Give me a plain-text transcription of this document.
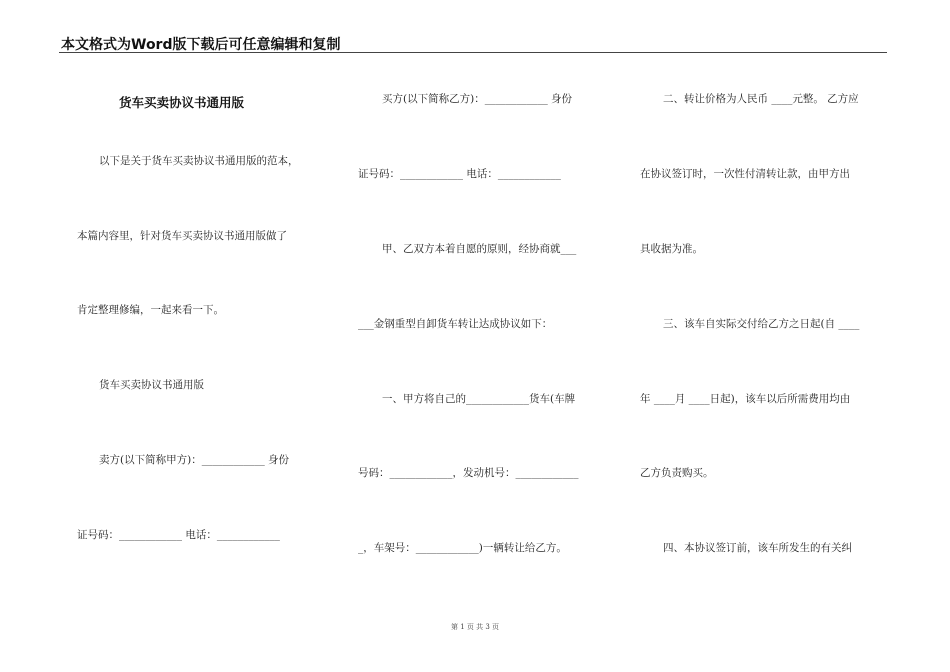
本文格式为Word版下载后可任意编辑和复制
货车买卖协议书通用版
以下是关于货车买卖协议书通用版的范本，
本篇内容里，针对货车买卖协议书通用版做了
肯定整理修编，一起来看一下。
货车买卖协议书通用版
卖方(以下简称甲方)：____________ 身份
证号码：____________ 电话：____________
买方(以下简称乙方)：____________ 身份
证号码：____________ 电话：____________
甲、乙双方本着自愿的原则，经协商就___
___金钢重型自卸货车转让达成协议如下：
一、甲方将自己的____________货车(车牌
号码：____________，发动机号：____________
_，车架号：____________)一辆转让给乙方。
二、转让价格为人民币 ____元整。 乙方应
在协议签订时，一次性付清转让款，由甲方出
具收据为准。
三、该车自实际交付给乙方之日起(自 ____
年 ____月 ____日起)，该车以后所需费用均由
乙方负责购买。
四、本协议签订前，该车所发生的有关纠
第 1 页 共 3 页
